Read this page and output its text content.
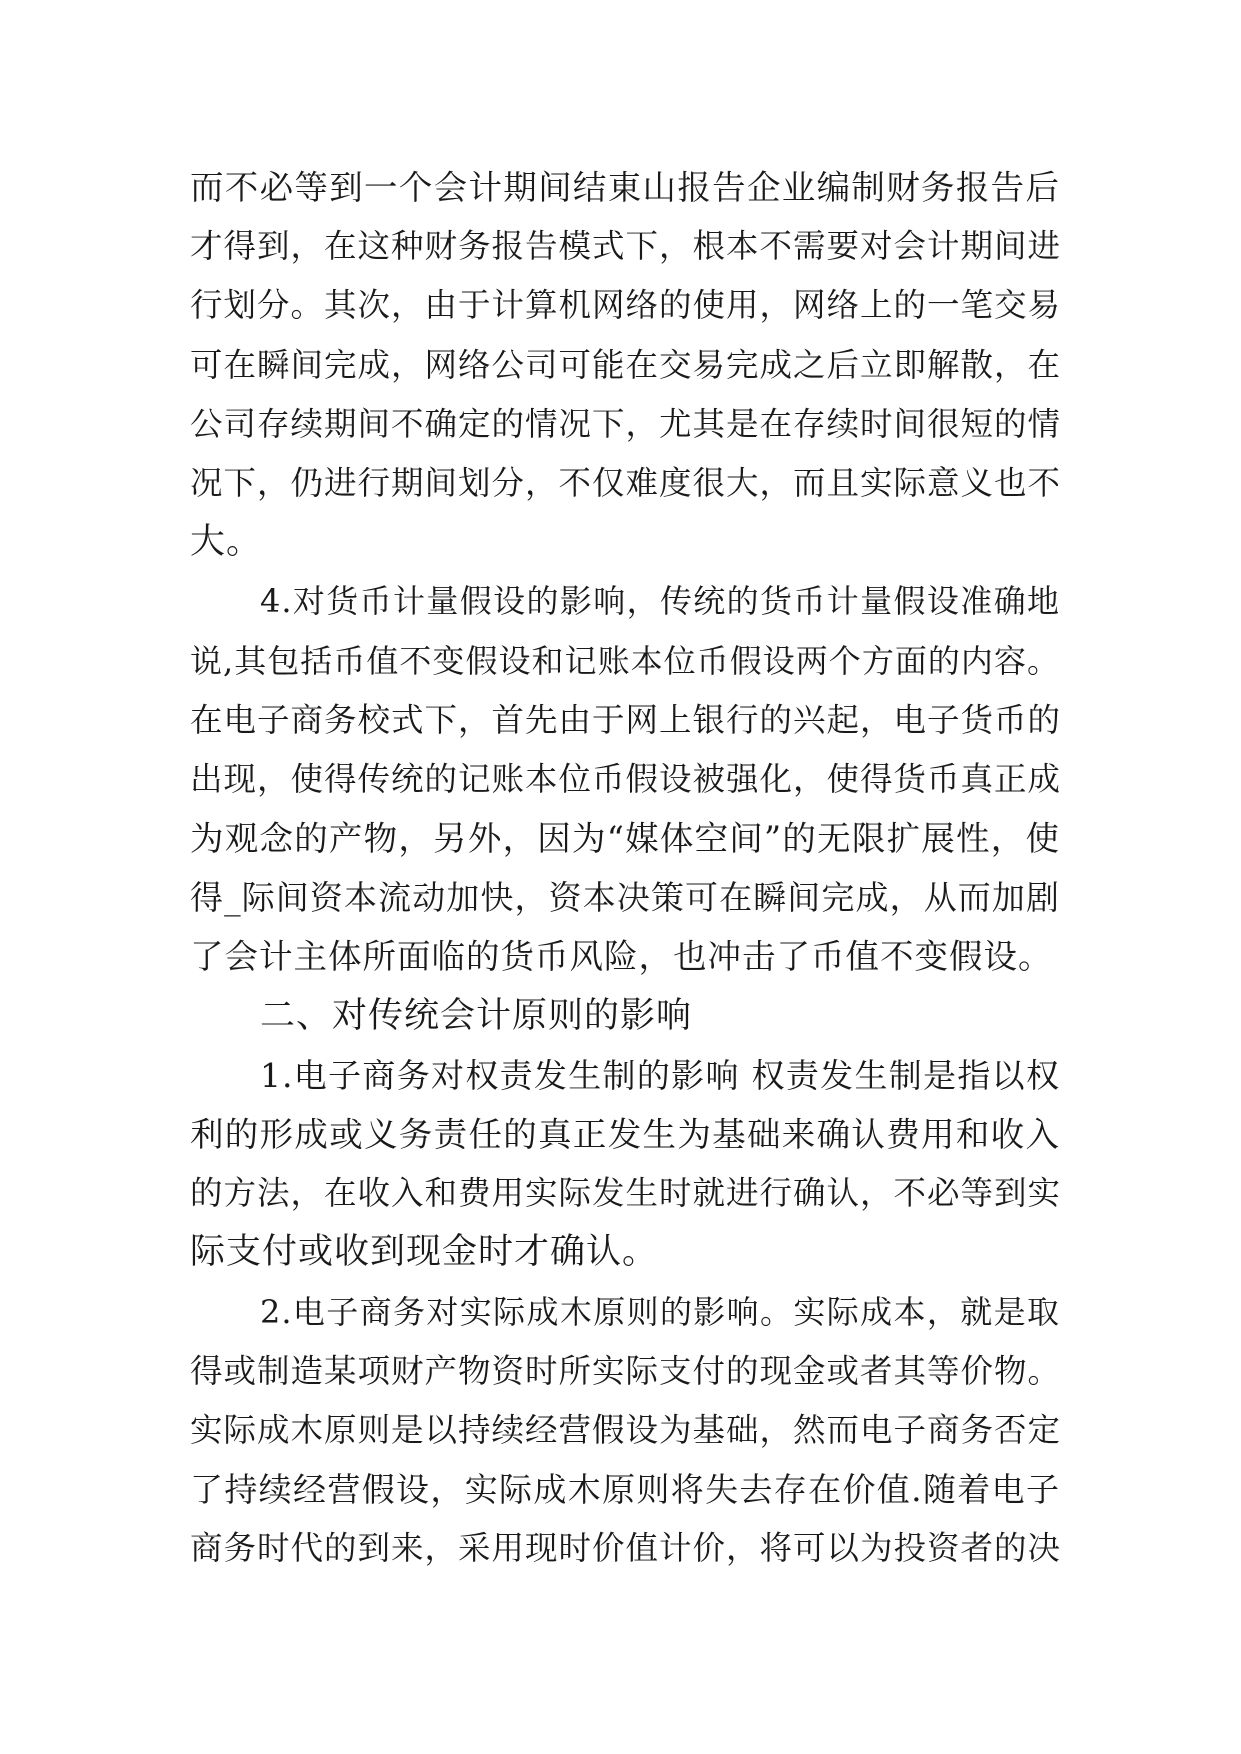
而不必等到一个会计期间结東山报告企业编制财务报告后
才得到，在这种财务报告模式下，根本不需要对会计期间进
行划分。其次，由于计算机网络的使用，网络上的一笔交易
可在瞬间完成，网络公司可能在交易完成之后立即解散，在
公司存续期间不确定的情况下，尤其是在存续时间很短的情
况下，仍进行期间划分，不仅难度很大，而且实际意义也不
大。
4.对货币计量假设的影响，传统的货币计量假设准确地
说,其包括币值不变假设和记账本位币假设两个方面的内容。
在电子商务校式下，首先由于网上银行的兴起，电子货币的
出现，使得传统的记账本位币假设被强化，使得货币真正成
为观念的产物，另外，因为“媒体空间”的无限扩展性，使
得_际间资本流动加快，资本决策可在瞬间完成，从而加剧
了会计主体所面临的货币风险，也冲击了币值不变假设。
二、对传统会计原则的影响
1.电子商务对权责发生制的影响 权责发生制是指以权
利的形成或义务责任的真正发生为基础来确认费用和收入
的方法，在收入和费用实际发生时就进行确认，不必等到实
际支付或收到现金时才确认。
2.电子商务对实际成木原则的影响。实际成本，就是取
得或制造某项财产物资时所实际支付的现金或者其等价物。
实际成木原则是以持续经营假设为基础，然而电子商务否定
了持续经营假设，实际成木原则将失去存在价值.随着电子
商务时代的到来，采用现时价值计价，将可以为投资者的决
